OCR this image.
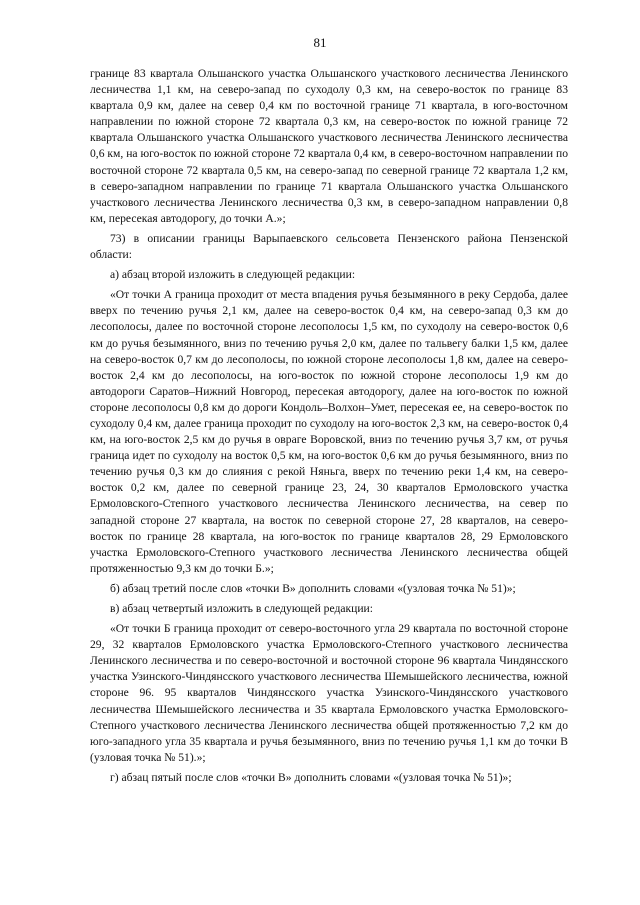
81

границе 83 квартала Ольшанского участка Ольшанского участкового лесничества Ленинского лесничества 1,1 км, на северо-запад по суходолу 0,3 км, на северо-восток по границе 83 квартала 0,9 км, далее на север 0,4 км по восточной границе 71 квартала, в юго-восточном направлении по южной стороне 72 квартала 0,3 км, на северо-восток по южной границе 72 квартала Ольшанского участка Ольшанского участкового лесничества Ленинского лесничества 0,6 км, на юго-восток по южной стороне 72 квартала 0,4 км, в северо-восточном направлении по восточной стороне 72 квартала 0,5 км, на северо-запад по северной границе 72 квартала 1,2 км, в северо-западном направлении по границе 71 квартала Ольшанского участка Ольшанского участкового лесничества Ленинского лесничества 0,3 км, в северо-западном направлении 0,8 км, пересекая автодорогу, до точки А.»;

73) в описании границы Варыпаевского сельсовета Пензенского района Пензенской области:

а) абзац второй изложить в следующей редакции:

«От точки А граница проходит от места впадения ручья безымянного в реку Сердоба, далее вверх по течению ручья 2,1 км, далее на северо-восток 0,4 км, на северо-запад 0,3 км до лесополосы, далее по восточной стороне лесополосы 1,5 км, по суходолу на северо-восток 0,6 км до ручья безымянного, вниз по течению ручья 2,0 км, далее по тальвегу балки 1,5 км, далее на северо-восток 0,7 км до лесополосы, по южной стороне лесополосы 1,8 км, далее на северо-восток 2,4 км до лесополосы, на юго-восток по южной стороне лесополосы 1,9 км до автодороги Саратов–Нижний Новгород, пересекая автодорогу, далее на юго-восток по южной стороне лесополосы 0,8 км до дороги Кондоль–Волхон–Умет, пересекая ее, на северо-восток по суходолу 0,4 км, далее граница проходит по суходолу на юго-восток 2,3 км, на северо-восток 0,4 км, на юго-восток 2,5 км до ручья в овраге Воровской, вниз по течению ручья 3,7 км, от ручья граница идет по суходолу на восток 0,5 км, на юго-восток 0,6 км до ручья безымянного, вниз по течению ручья 0,3 км до слияния с рекой Няньга, вверх по течению реки 1,4 км, на северо-восток 0,2 км, далее по северной границе 23, 24, 30 кварталов Ермоловского участка Ермоловского-Степного участкового лесничества Ленинского лесничества, на север по западной стороне 27 квартала, на восток по северной стороне 27, 28 кварталов, на северо-восток по границе 28 квартала, на юго-восток по границе кварталов 28, 29 Ермоловского участка Ермоловского-Степного участкового лесничества Ленинского лесничества общей протяженностью 9,3 км до точки Б.»;

б) абзац третий после слов «точки В» дополнить словами «(узловая точка № 51)»;

в) абзац четвертый изложить в следующей редакции:

«От точки Б граница проходит от северо-восточного угла 29 квартала по восточной стороне 29, 32 кварталов Ермоловского участка Ермоловского-Степного участкового лесничества Ленинского лесничества и по северо-восточной и восточной стороне 96 квартала Чиндянсского участка Узинского-Чиндянсского участкового лесничества Шемышейского лесничества, южной стороне 96. 95 кварталов Чиндянсского участка Узинского-Чиндянсского участкового лесничества Шемышейского лесничества и 35 квартала Ермоловского участка Ермоловского-Степного участкового лесничества Ленинского лесничества общей протяженностью 7,2 км до юго-западного угла 35 квартала и ручья безымянного, вниз по течению ручья 1,1 км до точки В (узловая точка № 51).»;

г) абзац пятый после слов «точки В» дополнить словами «(узловая точка № 51)»;
